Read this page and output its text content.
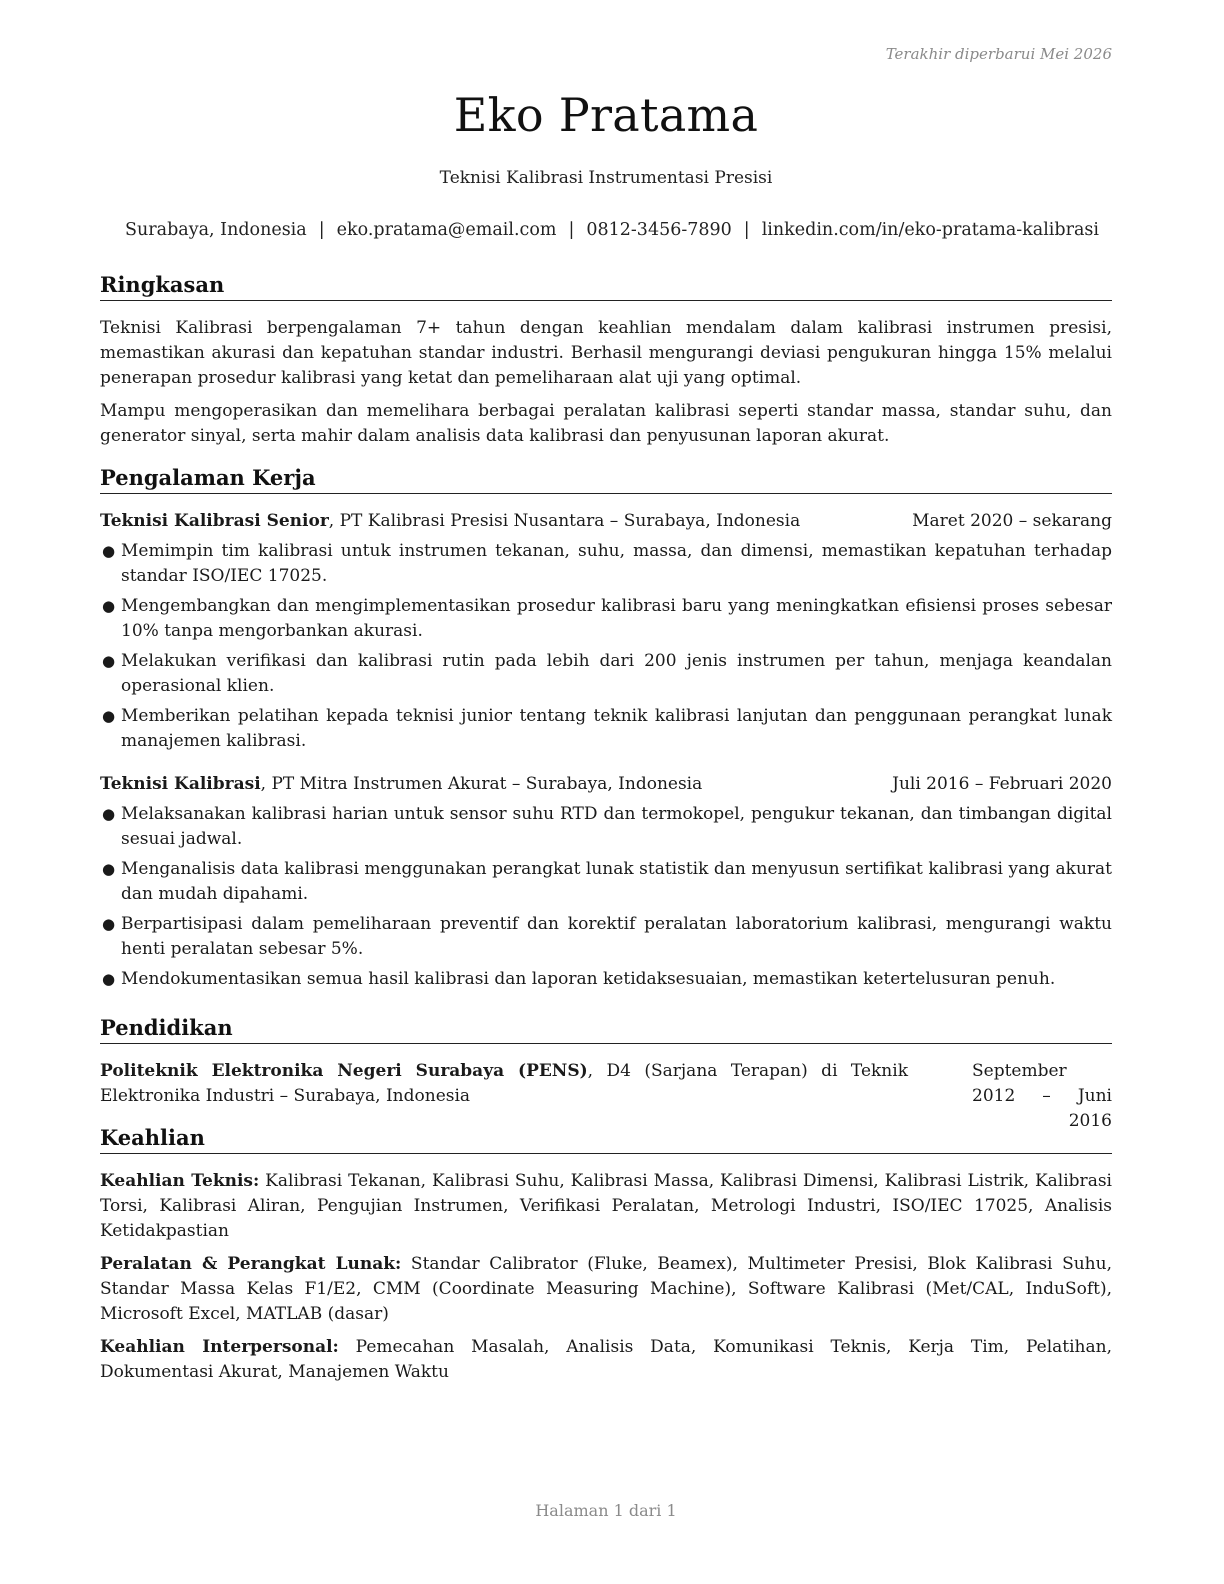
Terakhir diperbarui Mei 2026
Eko Pratama
Teknisi Kalibrasi Instrumentasi Presisi
Surabaya, Indonesia | eko.pratama@email.com | 0812-3456-7890 | linkedin.com/in/eko-pratama-kalibrasi
Ringkasan

Teknisi Kalibrasi berpengalaman 7+ tahun dengan keahlian mendalam dalam kalibrasi instrumen presisi, memastikan akurasi dan kepatuhan standar industri. Berhasil mengurangi deviasi pengukuran hingga 15% melalui penerapan prosedur kalibrasi yang ketat dan pemeliharaan alat uji yang optimal.

Mampu mengoperasikan dan memelihara berbagai peralatan kalibrasi seperti standar massa, standar suhu, dan generator sinyal, serta mahir dalam analisis data kalibrasi dan penyusunan laporan akurat.

Pengalaman Kerja
Teknisi Kalibrasi Senior, PT Kalibrasi Presisi Nusantara – Surabaya, Indonesia	Maret 2020 – sekarang
● Memimpin tim kalibrasi untuk instrumen tekanan, suhu, massa, dan dimensi, memastikan kepatuhan terhadap standar ISO/IEC 17025.
● Mengembangkan dan mengimplementasikan prosedur kalibrasi baru yang meningkatkan efisiensi proses sebesar 10% tanpa mengorbankan akurasi.
● Melakukan verifikasi dan kalibrasi rutin pada lebih dari 200 jenis instrumen per tahun, menjaga keandalan operasional klien.
● Memberikan pelatihan kepada teknisi junior tentang teknik kalibrasi lanjutan dan penggunaan perangkat lunak manajemen kalibrasi.
Teknisi Kalibrasi, PT Mitra Instrumen Akurat – Surabaya, Indonesia	Juli 2016 – Februari 2020
● Melaksanakan kalibrasi harian untuk sensor suhu RTD dan termokopel, pengukur tekanan, dan timbangan digital sesuai jadwal.
● Menganalisis data kalibrasi menggunakan perangkat lunak statistik dan menyusun sertifikat kalibrasi yang akurat dan mudah dipahami.
● Berpartisipasi dalam pemeliharaan preventif dan korektif peralatan laboratorium kalibrasi, mengurangi waktu henti peralatan sebesar 5%.
● Mendokumentasikan semua hasil kalibrasi dan laporan ketidaksesuaian, memastikan ketertelusuran penuh.
Pendidikan
Politeknik Elektronika Negeri Surabaya (PENS), D4 (Sarjana Terapan) di Teknik Elektronika Industri – Surabaya, Indonesia
September 2012 – Juni 2016
Keahlian

Keahlian Teknis: Kalibrasi Tekanan, Kalibrasi Suhu, Kalibrasi Massa, Kalibrasi Dimensi, Kalibrasi Listrik, Kalibrasi Torsi, Kalibrasi Aliran, Pengujian Instrumen, Verifikasi Peralatan, Metrologi Industri, ISO/IEC 17025, Analisis Ketidakpastian

Peralatan & Perangkat Lunak: Standar Calibrator (Fluke, Beamex), Multimeter Presisi, Blok Kalibrasi Suhu, Standar Massa Kelas F1/E2, CMM (Coordinate Measuring Machine), Software Kalibrasi (Met/CAL, InduSoft), Microsoft Excel, MATLAB (dasar)

Keahlian Interpersonal: Pemecahan Masalah, Analisis Data, Komunikasi Teknis, Kerja Tim, Pelatihan, Dokumentasi Akurat, Manajemen Waktu

Halaman 1 dari 1
